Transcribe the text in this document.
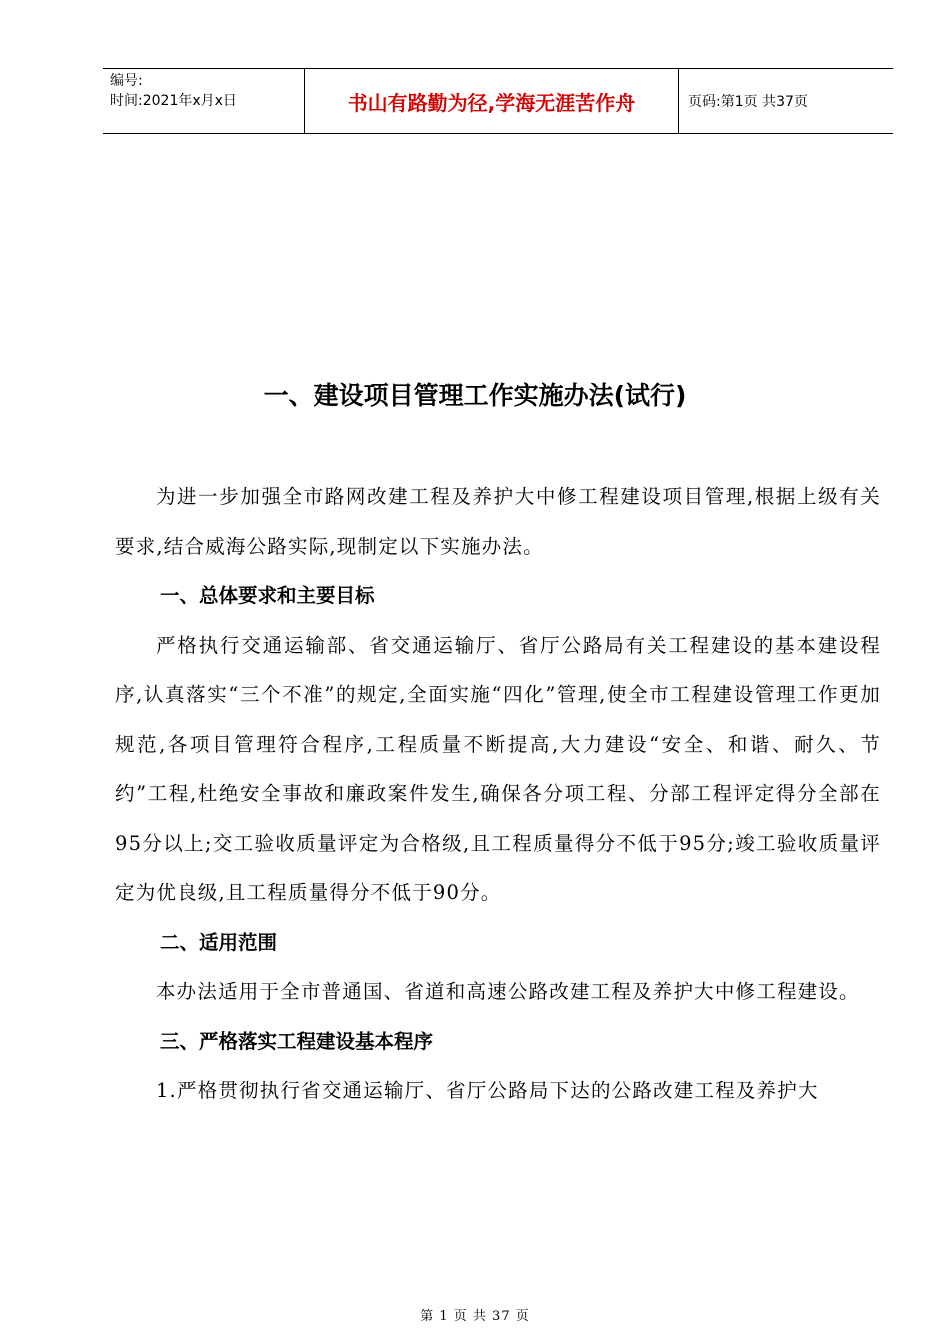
编号:
时间:2021年x月x日	书山有路勤为径,学海无涯苦作舟	页码:第1页 共37页
一、建设项目管理工作实施办法(试行)

为进一步加强全市路网改建工程及养护大中修工程建设项目管理,根据上级有关要求,结合威海公路实际,现制定以下实施办法。

一、总体要求和主要目标

严格执行交通运输部、省交通运输厅、省厅公路局有关工程建设的基本建设程序,认真落实“三个不准”的规定,全面实施“四化”管理,使全市工程建设管理工作更加规范,各项目管理符合程序,工程质量不断提高,大力建设“安全、和谐、耐久、节约”工程,杜绝安全事故和廉政案件发生,确保各分项工程、分部工程评定得分全部在95分以上;交工验收质量评定为合格级,且工程质量得分不低于95分;竣工验收质量评定为优良级,且工程质量得分不低于90分。

二、适用范围

本办法适用于全市普通国、省道和高速公路改建工程及养护大中修工程建设。

三、严格落实工程建设基本程序

1.严格贯彻执行省交通运输厅、省厅公路局下达的公路改建工程及养护大

第 1 页 共 37 页
